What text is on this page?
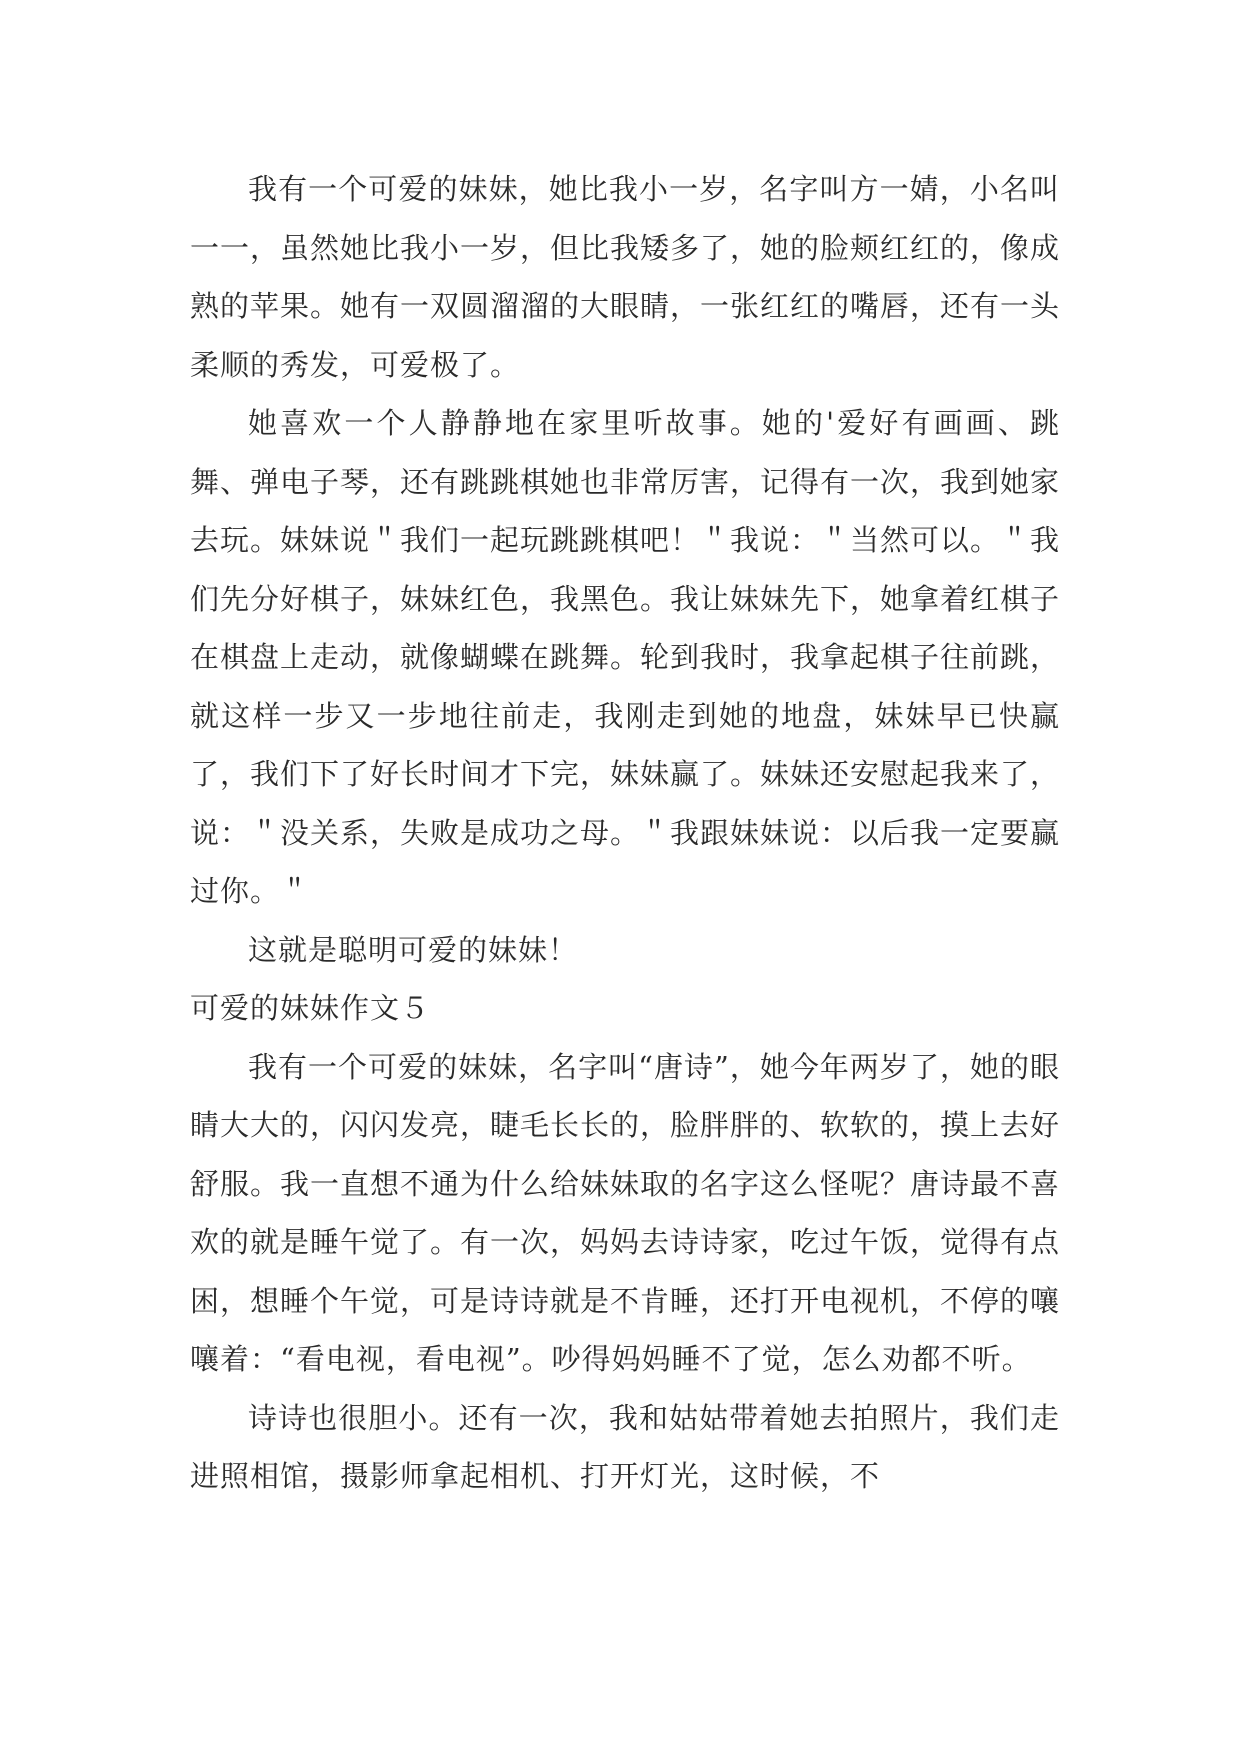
我有一个可爱的妹妹，她比我小一岁，名字叫方一婧，小名叫一一，虽然她比我小一岁，但比我矮多了，她的脸颊红红的，像成熟的苹果。她有一双圆溜溜的大眼睛，一张红红的嘴唇，还有一头柔顺的秀发，可爱极了。

她喜欢一个人静静地在家里听故事。她的'爱好有画画、跳舞、弹电子琴，还有跳跳棋她也非常厉害，记得有一次，我到她家去玩。妹妹说＂我们一起玩跳跳棋吧！＂我说：＂当然可以。＂我们先分好棋子，妹妹红色，我黑色。我让妹妹先下，她拿着红棋子在棋盘上走动，就像蝴蝶在跳舞。轮到我时，我拿起棋子往前跳，就这样一步又一步地往前走，我刚走到她的地盘，妹妹早已快赢了，我们下了好长时间才下完，妹妹赢了。妹妹还安慰起我来了，说：＂没关系，失败是成功之母。＂我跟妹妹说：以后我一定要赢过你。＂

这就是聪明可爱的妹妹！

可爱的妹妹作文５

我有一个可爱的妹妹，名字叫“唐诗”，她今年两岁了，她的眼睛大大的，闪闪发亮，睫毛长长的，脸胖胖的、软软的，摸上去好舒服。我一直想不通为什么给妹妹取的名字这么怪呢？唐诗最不喜欢的就是睡午觉了。有一次，妈妈去诗诗家，吃过午饭，觉得有点困，想睡个午觉，可是诗诗就是不肯睡，还打开电视机，不停的嚷嚷着：“看电视，看电视”。吵得妈妈睡不了觉，怎么劝都不听。

诗诗也很胆小。还有一次，我和姑姑带着她去拍照片，我们走进照相馆，摄影师拿起相机、打开灯光，这时候，不
